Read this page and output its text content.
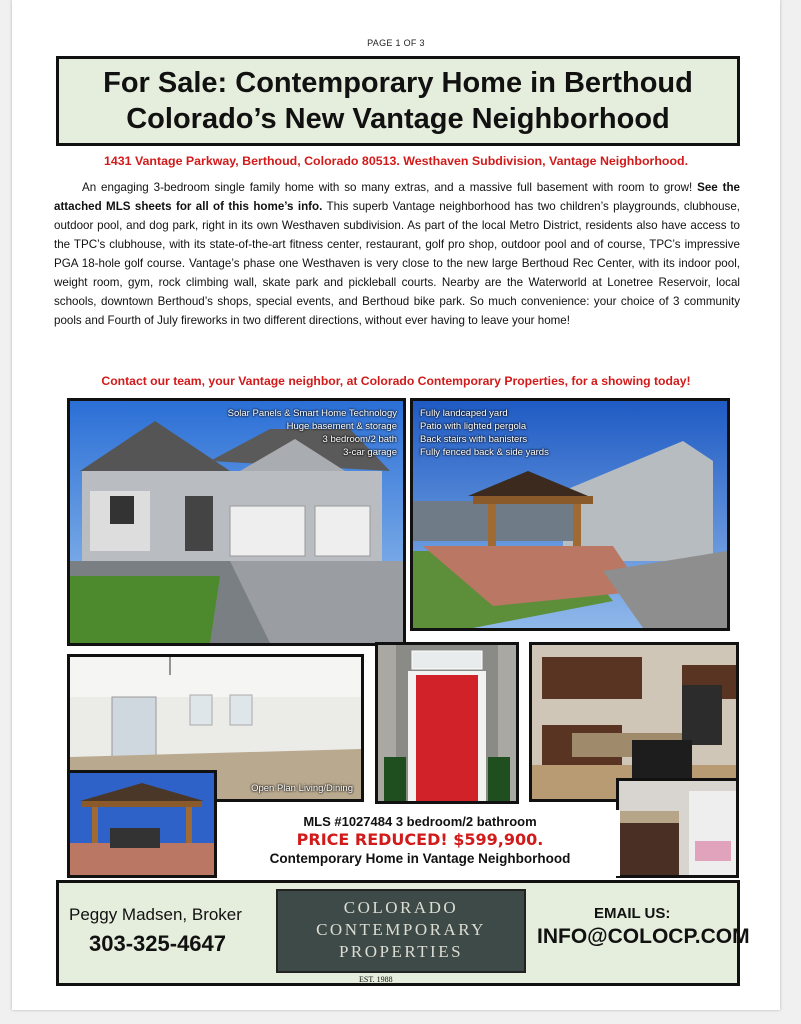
PAGE 1 OF 3
For Sale: Contemporary Home in Berthoud
Colorado’s New Vantage Neighborhood
1431 Vantage Parkway, Berthoud, Colorado 80513. Westhaven Subdivision, Vantage Neighborhood.
An engaging 3-bedroom single family home with so many extras, and a massive full basement with room to grow! See the attached MLS sheets for all of this home’s info. This superb Vantage neighborhood has two children’s playgrounds, clubhouse, outdoor pool, and dog park, right in its own Westhaven subdivision. As part of the local Metro District, residents also have access to the TPC’s clubhouse, with its state-of-the-art fitness center, restaurant, golf pro shop, outdoor pool and of course, TPC’s impressive PGA 18-hole golf course. Vantage’s phase one Westhaven is very close to the new large Berthoud Rec Center, with its indoor pool, weight room, gym, rock climbing wall, skate park and pickleball courts. Nearby are the Waterworld at Lonetree Reservoir, local schools, downtown Berthoud’s shops, special events, and Berthoud bike park. So much convenience: your choice of 3 community pools and Fourth of July fireworks in two different directions, without ever having to leave your home!
Contact our team, your Vantage neighbor, at Colorado Contemporary Properties, for a showing today!
Solar Panels & Smart Home Technology
Huge basement & storage
3 bedroom/2 bath
3-car garage
Fully landcaped yard
Patio with lighted pergola
Back stairs with banisters
Fully fenced back & side yards
Open Plan Living/Dining
MLS #1027484 3 bedroom/2 bathroom
PRICE REDUCED! $599,900.
Contemporary Home in Vantage Neighborhood
Peggy Madsen, Broker
303-325-4647
COLORADO
CONTEMPORARY
PROPERTIES
EST. 1988
EMAIL US:
INFO@COLOCP.COM
